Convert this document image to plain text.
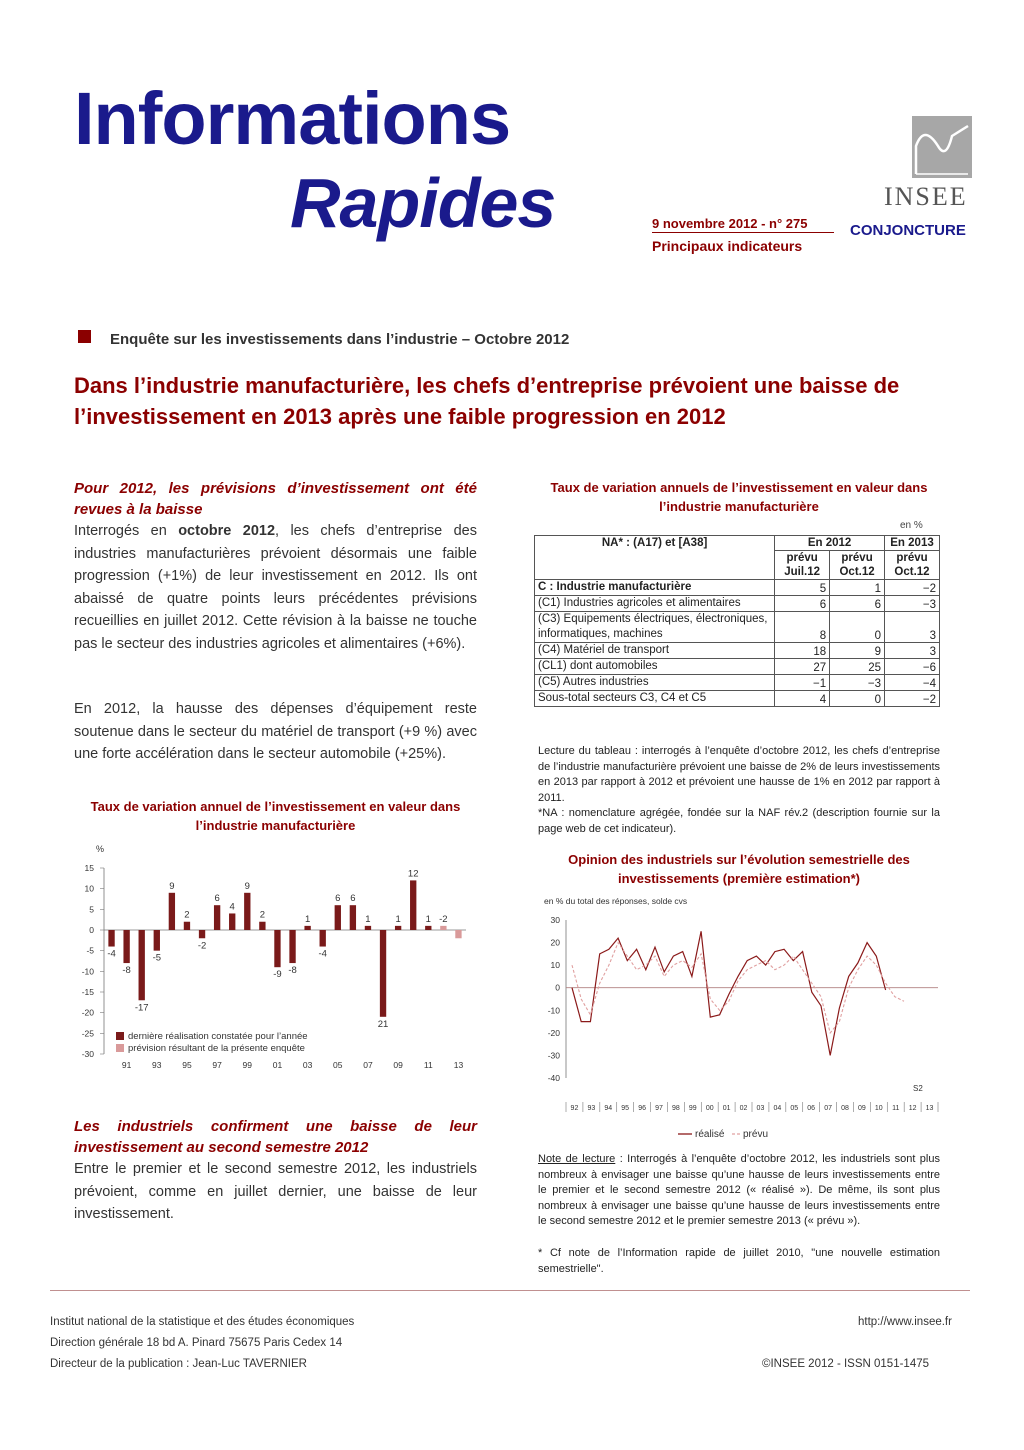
Informations
Rapides	9 novembre 2012 - n° 275
Principaux indicateurs
INSEE
CONJONCTURE
Enquête sur les investissements dans l’industrie – Octobre 2012
Dans l’industrie manufacturière, les chefs d’entreprise prévoient une baisse de l’investissement en 2013 après une faible progression en 2012
Pour 2012, les prévisions d’investissement ont été revues à la baisse
Interrogés en octobre 2012, les chefs d’entreprise des industries manufacturières prévoient désormais une faible progression (+1%) de leur investissement en 2012. Ils ont abaissé de quatre points leurs précédentes prévisions recueillies en juillet 2012. Cette révision à la baisse ne touche pas le secteur des industries agricoles et alimentaires (+6%).
En 2012, la hausse des dépenses d’équipement reste soutenue dans le secteur du matériel de transport (+9 %) avec une forte accélération dans le secteur automobile (+25%).
Taux de variation annuel de l’investissement en valeur dans l’industrie manufacturière
%
15
10
5
0
-5
-10
-15
-20
-25
-30
91 93 95 97 99 01 03 05 07 09 11 13
-4
-8
-17
-5
9
2
-2
6
4
9
2
-9 -8
1
-4
6 6
1
21
1
12
1 -2
dernière réalisation constatée pour l’année
prévision résultant de la présente enquête
Les industriels confirment une baisse de leur investissement au second semestre 2012
Entre le premier et le second semestre 2012, les industriels prévoient, comme en juillet dernier, une baisse de leur investissement.
Taux de variation annuels de l’investissement en valeur dans l’industrie manufacturière
en %
NA* : (A17) et [A38]	En 2012		En 2013
	prévu Juil.12	prévu Oct.12	prévu Oct.12
C : Industrie manufacturière	5	1	−2
(C1) Industries agricoles et alimentaires	6	6	−3
(C3) Equipements électriques, électroniques, informatiques, machines	8	0	3
(C4) Matériel de transport	18	9	3
(CL1) dont automobiles	27	25	−6
(C5) Autres industries	−1	−3	−4
Sous-total secteurs C3, C4 et C5	4	0	−2
Lecture du tableau : interrogés à l’enquête d’octobre 2012, les chefs d’entreprise de l’industrie manufacturière prévoient une baisse de 2% de leurs investissements en 2013 par rapport à 2012 et prévoient une hausse de 1% en 2012 par rapport à 2011.
*NA : nomenclature agrégée, fondée sur la NAF rév.2 (description fournie sur la page web de cet indicateur).
Opinion des industriels sur l’évolution semestrielle des investissements (première estimation*)
en % du total des réponses, solde cvs
30
20
10
0
-10
-20
-30
-40
92 93 94 95 96 97 98 99 00 01 02 03 04 05 06 07 08 09 10 11 12 13
S2
réalisé prévu
Note de lecture : Interrogés à l’enquête d’octobre 2012, les industriels sont plus nombreux à envisager une baisse qu’une hausse de leurs investissements entre le premier et le second semestre 2012 (« réalisé »). De même, ils sont plus nombreux à envisager une baisse qu’une hausse de leurs investissements entre le second semestre 2012 et le premier semestre 2013 (« prévu »).
* Cf note de l’Information rapide de juillet 2010, "une nouvelle estimation semestrielle".
Institut national de la statistique et des études économiques
Direction générale 18 bd A. Pinard 75675 Paris Cedex 14
Directeur de la publication : Jean-Luc TAVERNIER
http://www.insee.fr
©INSEE 2012 - ISSN 0151-1475
